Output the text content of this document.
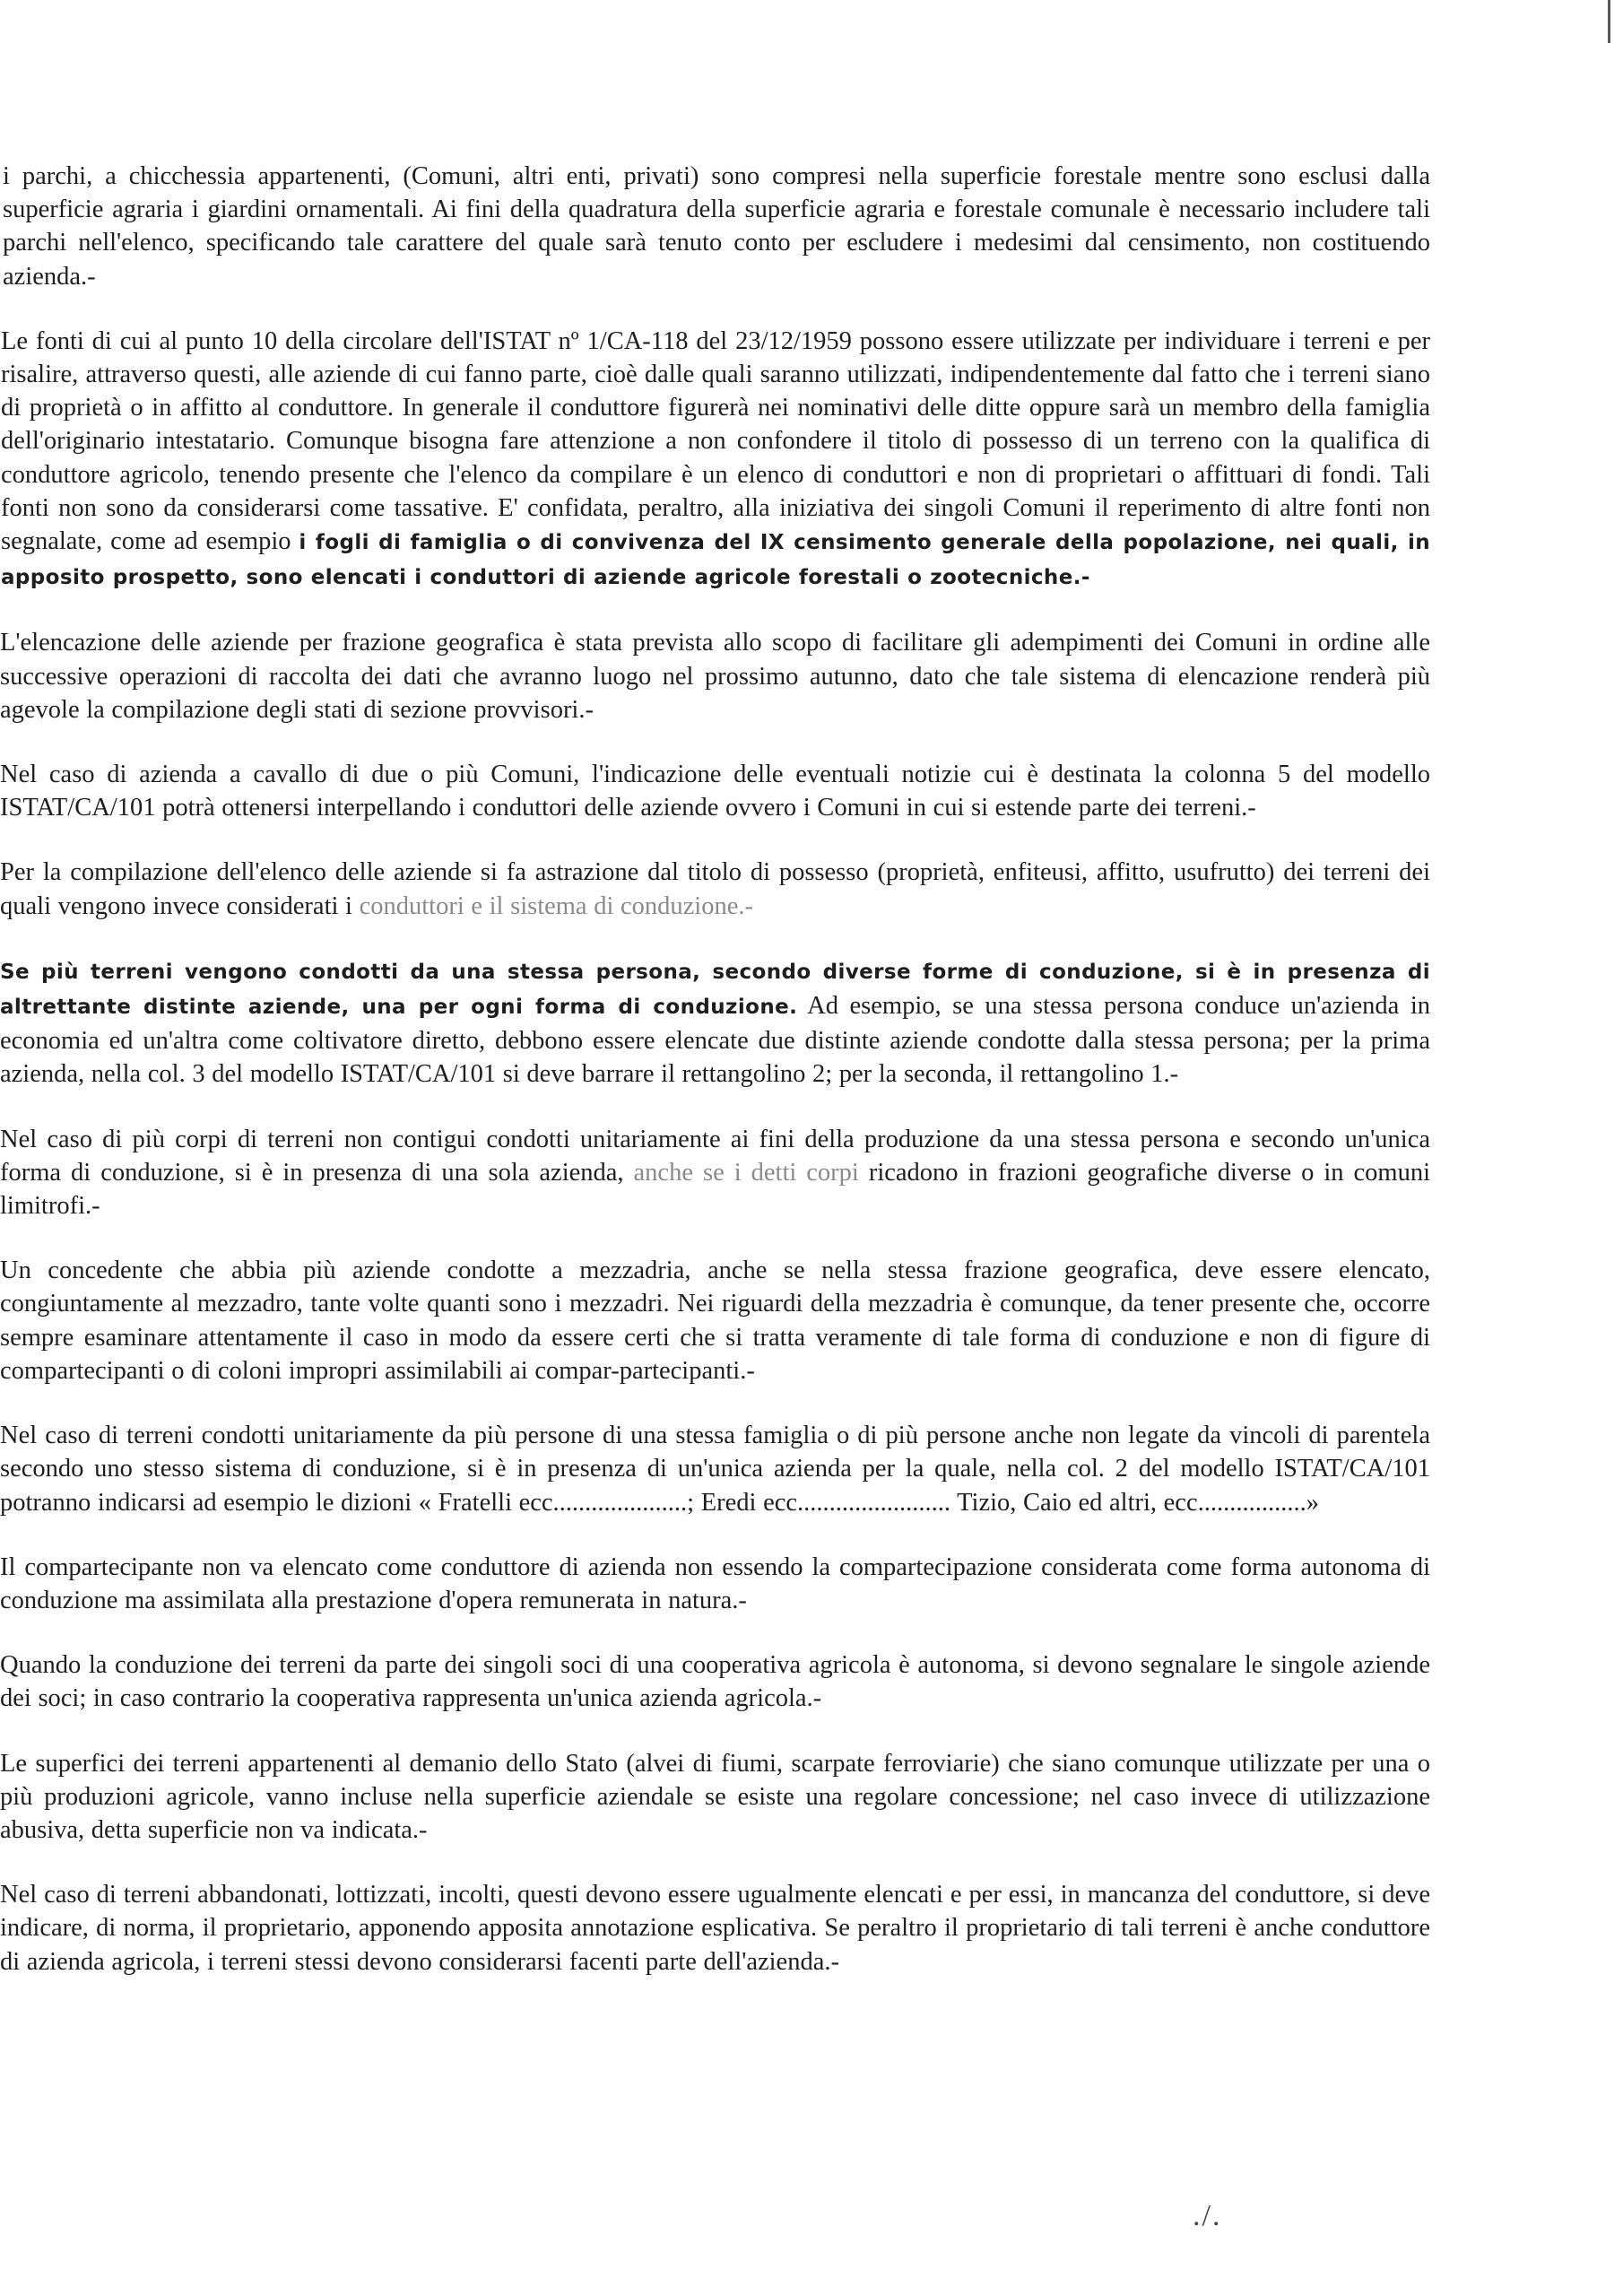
i parchi, a chicchessia appartenenti, (Comuni, altri enti, privati) sono compresi nella superficie forestale mentre sono esclusi dalla superficie agraria i giardini ornamentali. Ai fini della quadratura della superficie agraria e forestale comunale è necessario includere tali parchi nell'elenco, specificando tale carattere del quale sarà tenuto conto per escludere i medesimi dal censimento, non costituendo azienda.-

Le fonti di cui al punto 10 della circolare dell'ISTAT nº 1/CA-118 del 23/12/1959 possono essere utilizzate per individuare i terreni e per risalire, attraverso questi, alle aziende di cui fanno parte, cioè dalle quali saranno utilizzati, indipendentemente dal fatto che i terreni siano di proprietà o in affitto al conduttore. In generale il conduttore figurerà nei nominativi delle ditte oppure sarà un membro della famiglia dell'originario intestatario. Comunque bisogna fare attenzione a non confondere il titolo di possesso di un terreno con la qualifica di conduttore agricolo, tenendo presente che l'elenco da compilare è un elenco di conduttori e non di proprietari o affittuari di fondi. Tali fonti non sono da considerarsi come tassative. E' confidata, peraltro, alla iniziativa dei singoli Comuni il reperimento di altre fonti non segnalate, come ad esempio i fogli di famiglia o di convivenza del IX censimento generale della popolazione, nei quali, in apposito prospetto, sono elencati i conduttori di aziende agricole forestali o zootecniche.-

L'elencazione delle aziende per frazione geografica è stata prevista allo scopo di facilitare gli adempimenti dei Comuni in ordine alle successive operazioni di raccolta dei dati che avranno luogo nel prossimo autunno, dato che tale sistema di elencazione renderà più agevole la compilazione degli stati di sezione provvisori.-

Nel caso di azienda a cavallo di due o più Comuni, l'indicazione delle eventuali notizie cui è destinata la colonna 5 del modello ISTAT/CA/101 potrà ottenersi interpellando i conduttori delle aziende ovvero i Comuni in cui si estende parte dei terreni.-

Per la compilazione dell'elenco delle aziende si fa astrazione dal titolo di possesso (proprietà, enfiteusi, affitto, usufrutto) dei terreni dei quali vengono invece considerati i conduttori e il sistema di conduzione.-

Se più terreni vengono condotti da una stessa persona, secondo diverse forme di conduzione, si è in presenza di altrettante distinte aziende, una per ogni forma di conduzione. Ad esempio, se una stessa persona conduce un'azienda in economia ed un'altra come coltivatore diretto, debbono essere elencate due distinte aziende condotte dalla stessa persona; per la prima azienda, nella col. 3 del modello ISTAT/CA/101 si deve barrare il rettangolino 2; per la seconda, il rettangolino 1.-

Nel caso di più corpi di terreni non contigui condotti unitariamente ai fini della produzione da una stessa persona e secondo un'unica forma di conduzione, si è in presenza di una sola azienda, anche se i detti corpi ricadono in frazioni geografiche diverse o in comuni limitrofi.-

Un concedente che abbia più aziende condotte a mezzadria, anche se nella stessa frazione geografica, deve essere elencato, congiuntamente al mezzadro, tante volte quanti sono i mezzadri. Nei riguardi della mezzadria è comunque, da tener presente che, occorre sempre esaminare attentamente il caso in modo da essere certi che si tratta veramente di tale forma di conduzione e non di figure di compartecipanti o di coloni impropri assimilabili ai compar-partecipanti.-

Nel caso di terreni condotti unitariamente da più persone di una stessa famiglia o di più persone anche non legate da vincoli di parentela secondo uno stesso sistema di conduzione, si è in presenza di un'unica azienda per la quale, nella col. 2 del modello ISTAT/CA/101 potranno indicarsi ad esempio le dizioni « Fratelli ecc.....................; Eredi ecc........................ Tizio, Caio ed altri, ecc.................»

Il compartecipante non va elencato come conduttore di azienda non essendo la compartecipazione considerata come forma autonoma di conduzione ma assimilata alla prestazione d'opera remunerata in natura.-

Quando la conduzione dei terreni da parte dei singoli soci di una cooperativa agricola è autonoma, si devono segnalare le singole aziende dei soci; in caso contrario la cooperativa rappresenta un'unica azienda agricola.-

Le superfici dei terreni appartenenti al demanio dello Stato (alvei di fiumi, scarpate ferroviarie) che siano comunque utilizzate per una o più produzioni agricole, vanno incluse nella superficie aziendale se esiste una regolare concessione; nel caso invece di utilizzazione abusiva, detta superficie non va indicata.-

Nel caso di terreni abbandonati, lottizzati, incolti, questi devono essere ugualmente elencati e per essi, in mancanza del conduttore, si deve indicare, di norma, il proprietario, apponendo apposita annotazione esplicativa. Se peraltro il proprietario di tali terreni è anche conduttore di azienda agricola, i terreni stessi devono considerarsi facenti parte dell'azienda.-

./.
